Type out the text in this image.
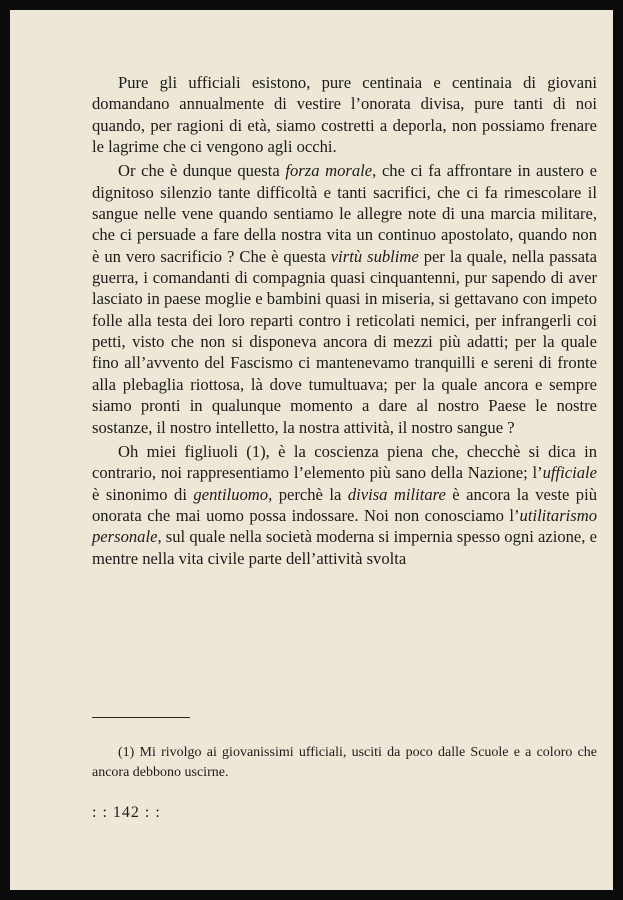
Pure gli ufficiali esistono, pure centinaia e centinaia di giovani domandano annualmente di vestire l’onorata divisa, pure tanti di noi quando, per ragioni di età, siamo costretti a deporla, non possiamo frenare le lagrime che ci vengono agli occhi.

Or che è dunque questa forza morale, che ci fa affrontare in austero e dignitoso silenzio tante difficoltà e tanti sacrifici, che ci fa rimescolare il sangue nelle vene quando sentiamo le allegre note di una marcia militare, che ci persuade a fare della nostra vita un continuo apostolato, quando non è un vero sacrificio ? Che è questa virtù sublime per la quale, nella passata guerra, i comandanti di compagnia quasi cinquantenni, pur sapendo di aver lasciato in paese moglie e bambini quasi in miseria, si gettavano con impeto folle alla testa dei loro reparti contro i reticolati nemici, per infrangerli coi petti, visto che non si disponeva ancora di mezzi più adatti; per la quale fino all’avvento del Fascismo ci mantenevamo tranquilli e sereni di fronte alla plebaglia riottosa, là dove tumultuava; per la quale ancora e sempre siamo pronti in qualunque momento a dare al nostro Paese le nostre sostanze, il nostro intelletto, la nostra attività, il nostro sangue ?

Oh miei figliuoli (1), è la coscienza piena che, checchè si dica in contrario, noi rappresentiamo l’elemento più sano della Nazione; l’ufficiale è sinonimo di gentiluomo, perchè la divisa militare è ancora la veste più onorata che mai uomo possa indossare. Noi non conosciamo l’utilitarismo personale, sul quale nella società moderna si impernia spesso ogni azione, e mentre nella vita civile parte dell’attività svolta

(1) Mi rivolgo ai giovanissimi ufficiali, usciti da poco dalle Scuole e a coloro che ancora debbono uscirne.

: : 142 : :
